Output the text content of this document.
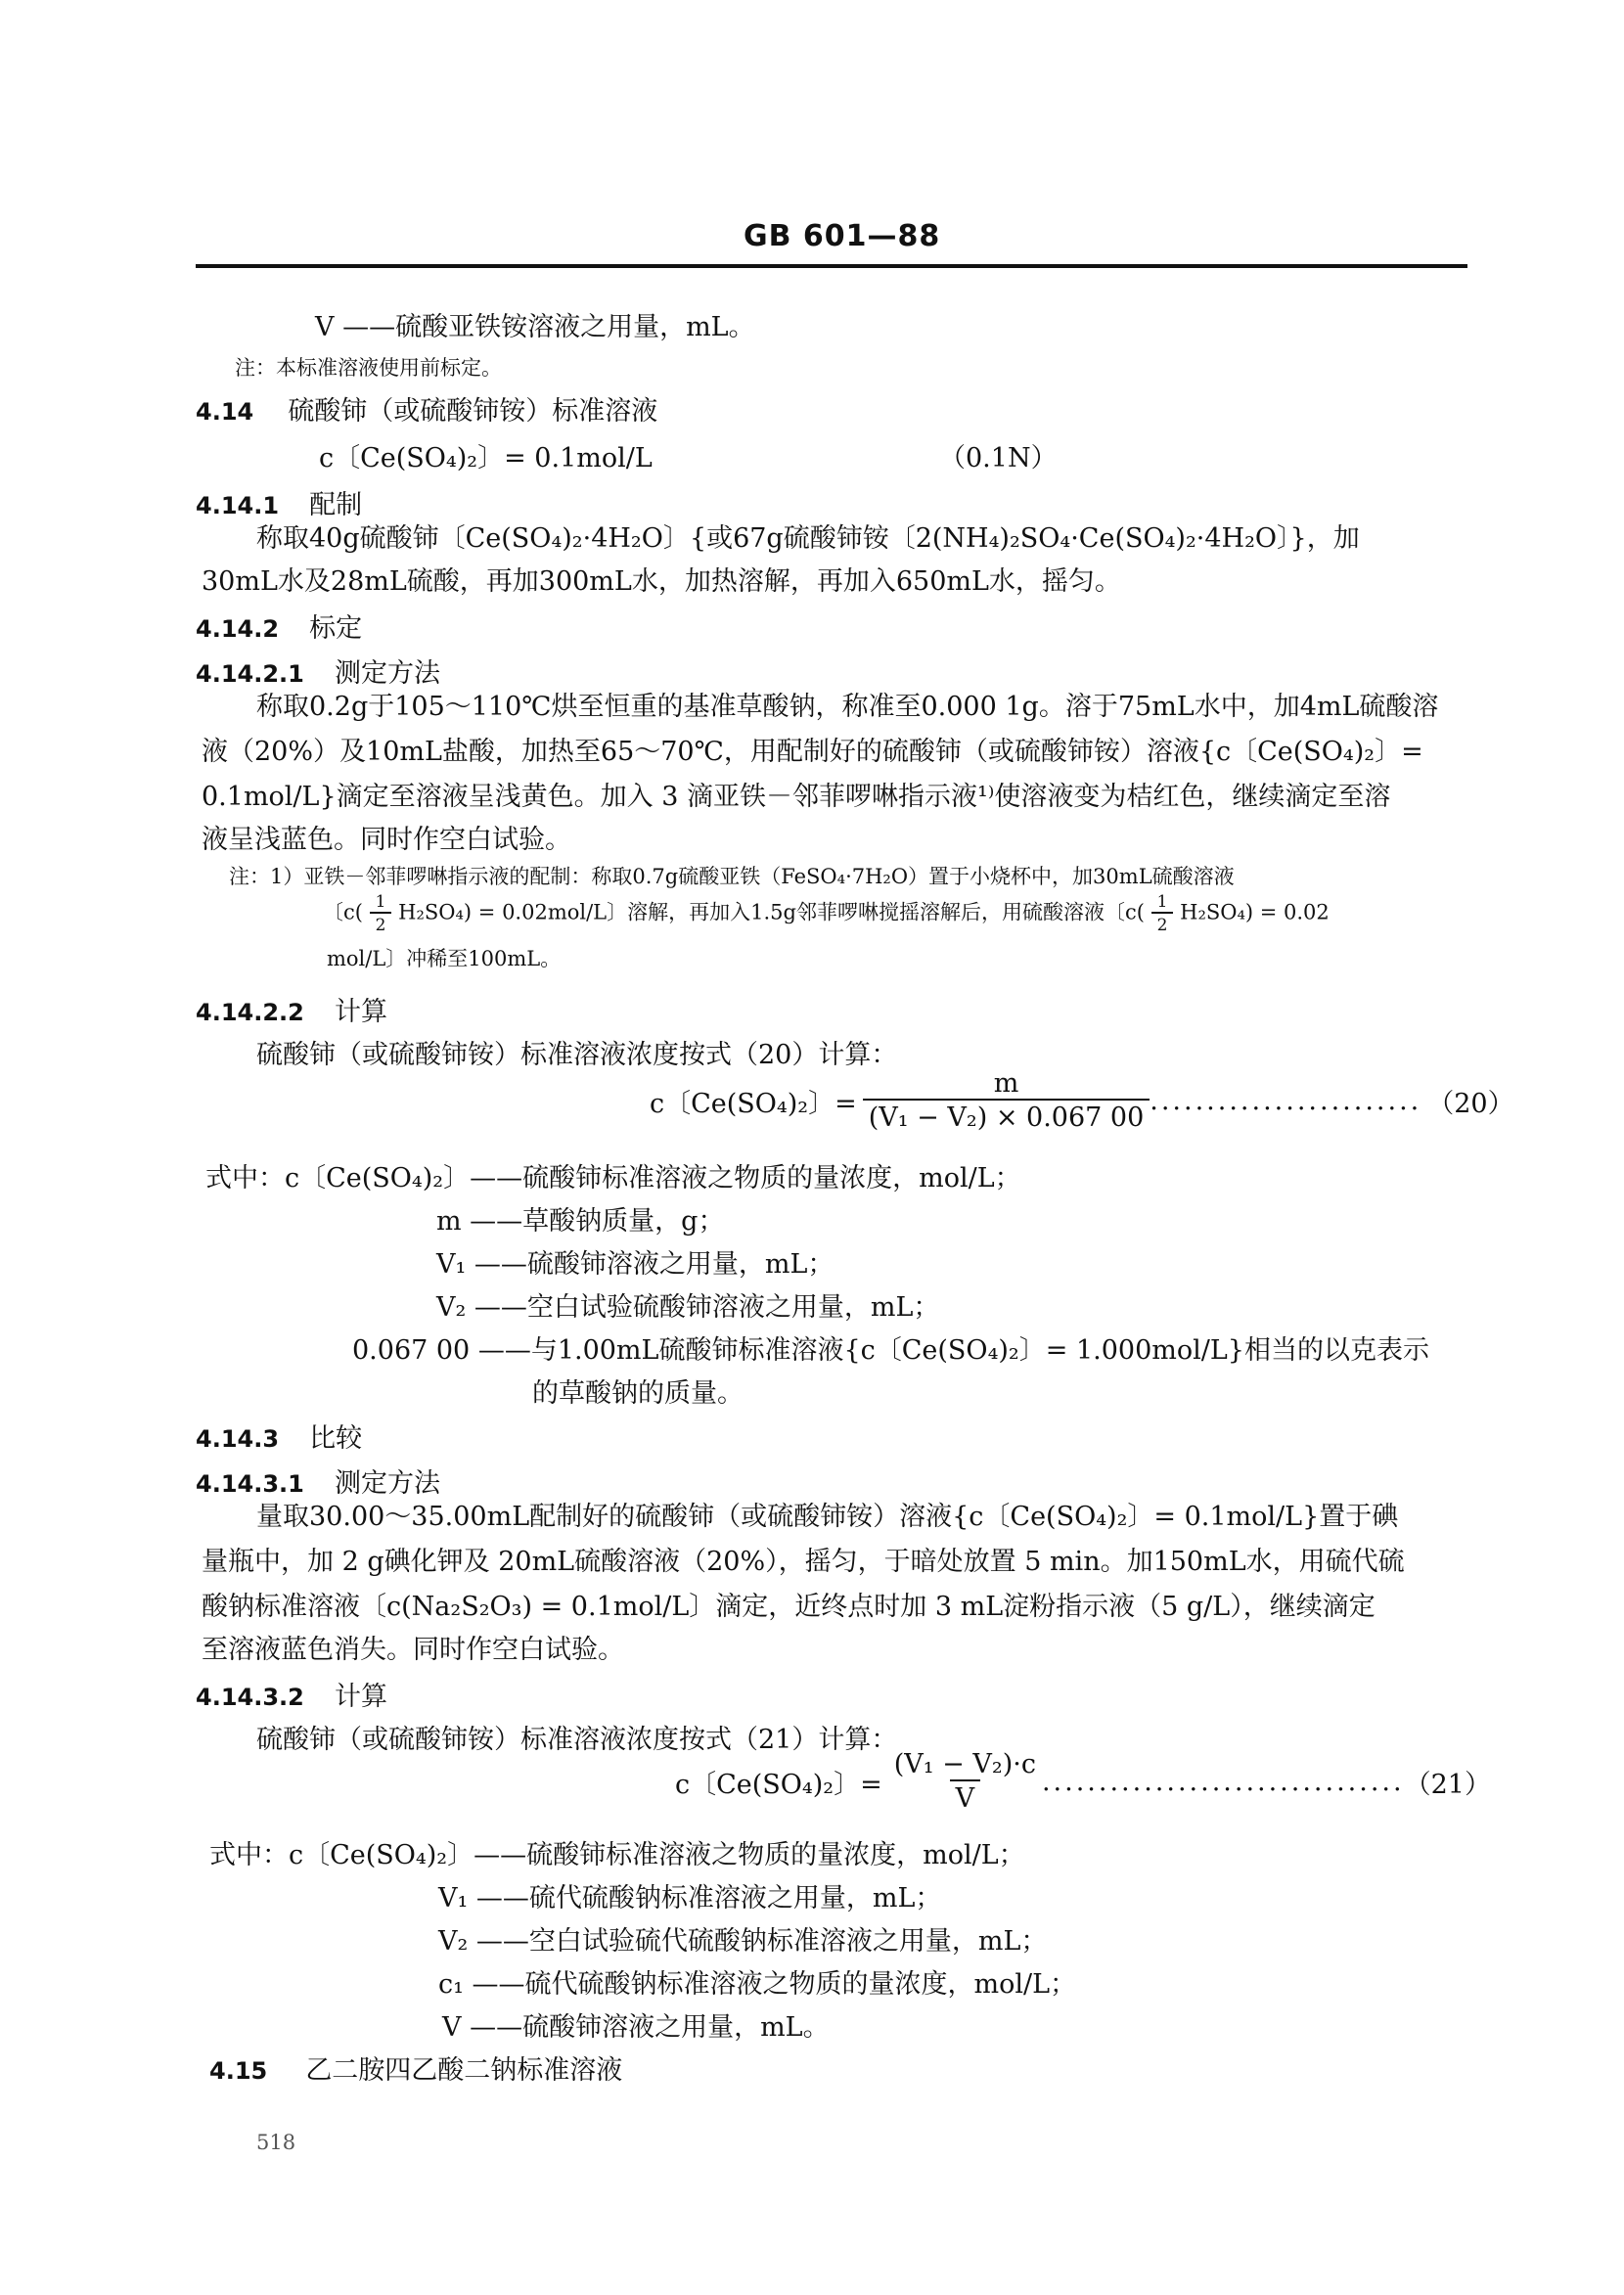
GB 601—88
V ——硫酸亚铁铵溶液之用量，mL。
注：本标准溶液使用前标定。
4.14 硫酸铈（或硫酸铈铵）标准溶液
c〔Ce(SO₄)₂〕= 0.1mol/L	（0.1N）
4.14.1 配制
称取40g硫酸铈〔Ce(SO₄)₂·4H₂O〕{或67g硫酸铈铵〔2(NH₄)₂SO₄·Ce(SO₄)₂·4H₂O〕}，加
30mL水及28mL硫酸，再加300mL水，加热溶解，再加入650mL水，摇匀。
4.14.2 标定
4.14.2.1 测定方法
称取0.2g于105～110℃烘至恒重的基准草酸钠，称准至0.000 1g。溶于75mL水中，加4mL硫酸溶
液（20%）及10mL盐酸，加热至65～70℃，用配制好的硫酸铈（或硫酸铈铵）溶液{c〔Ce(SO₄)₂〕=
0.1mol/L}滴定至溶液呈浅黄色。加入 3 滴亚铁－邻菲啰啉指示液¹⁾使溶液变为桔红色，继续滴定至溶
液呈浅蓝色。同时作空白试验。
注：1）亚铁－邻菲啰啉指示液的配制：称取0.7g硫酸亚铁（FeSO₄·7H₂O）置于小烧杯中，加30mL硫酸溶液
〔$c( \frac{1}{2} H_2SO_4) = 0.02mol/L$〕溶解，再加入1.5g邻菲啰啉搅摇溶解后，用硫酸溶液〔$c( \frac{1}{2} H_2SO_4) = 0.02$
mol/L〕冲稀至100mL。
4.14.2.2 计算
硫酸铈（或硫酸铈铵）标准溶液浓度按式（20）计算：
c〔Ce(SO₄)₂〕= $\frac{m}{\text{(V₁ − V₂) × 0.067 00}}$ ........................ （20）
式中：c〔Ce(SO₄)₂〕——硫酸铈标准溶液之物质的量浓度，mol/L；
m ——草酸钠质量，g；
V₁ ——硫酸铈溶液之用量，mL；
V₂ ——空白试验硫酸铈溶液之用量，mL；
0.067 00 ——与1.00mL硫酸铈标准溶液{c〔Ce(SO₄)₂〕= 1.000mol/L}相当的以克表示
的草酸钠的质量。
4.14.3 比较
4.14.3.1 测定方法
量取30.00～35.00mL配制好的硫酸铈（或硫酸铈铵）溶液{c〔Ce(SO₄)₂〕= 0.1mol/L}置于碘
量瓶中，加 2 g碘化钾及 20mL硫酸溶液（20%），摇匀，于暗处放置 5 min。加150mL水，用硫代硫
酸钠标准溶液〔c(Na₂S₂O₃) = 0.1mol/L〕滴定，近终点时加 3 mL淀粉指示液（5 g/L），继续滴定
至溶液蓝色消失。同时作空白试验。
4.14.3.2 计算
硫酸铈（或硫酸铈铵）标准溶液浓度按式（21）计算：
c〔Ce(SO₄)₂〕= $\frac{\text{(V₁ − V₂)·c}}{V}$ ................................ （21）
式中：c〔Ce(SO₄)₂〕——硫酸铈标准溶液之物质的量浓度，mol/L；
V₁ ——硫代硫酸钠标准溶液之用量，mL；
V₂ ——空白试验硫代硫酸钠标准溶液之用量，mL；
c₁ ——硫代硫酸钠标准溶液之物质的量浓度，mol/L；
V ——硫酸铈溶液之用量，mL。
4.15 乙二胺四乙酸二钠标准溶液
518
